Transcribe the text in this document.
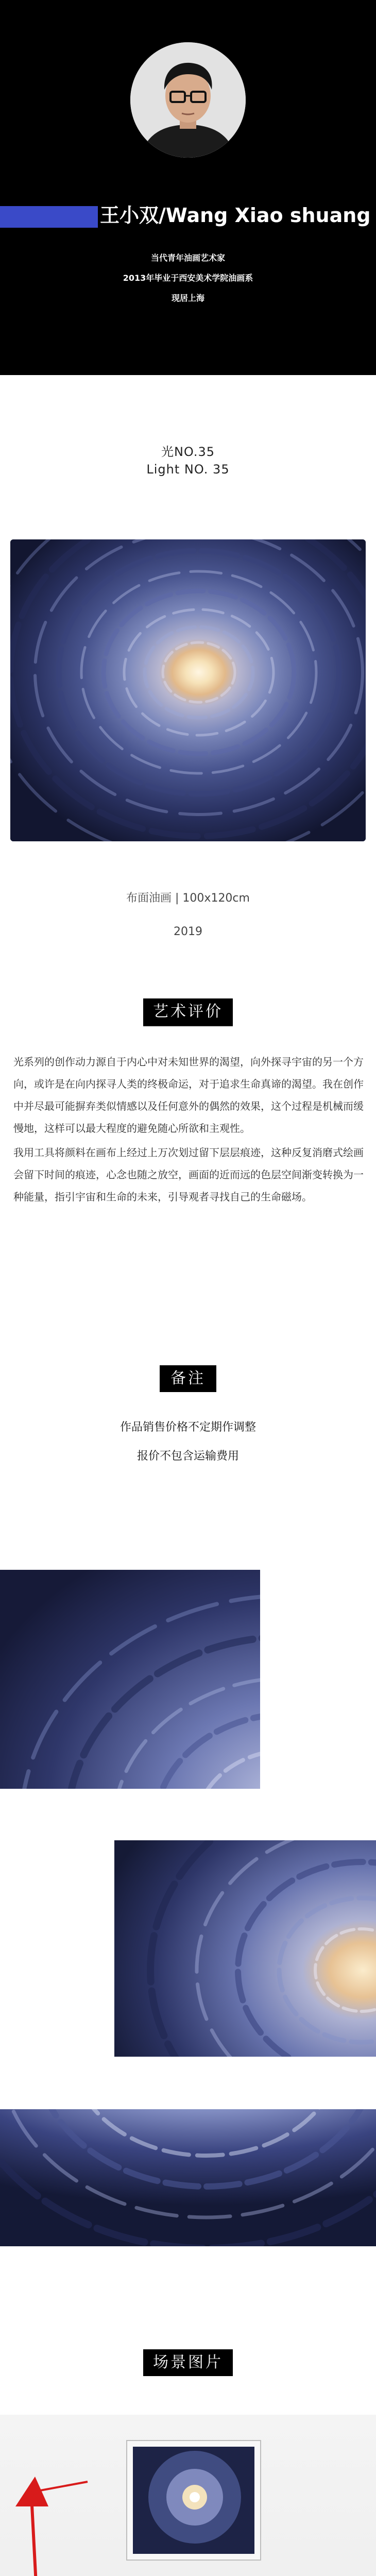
王小双/Wang Xiao shuang
当代青年油画艺术家
2013年毕业于西安美术学院油画系
现居上海
光NO.35
Light NO. 35
布面油画 | 100x120cm
2019
艺术评价
光系列的创作动力源自于内心中对未知世界的渴望，向外探寻宇宙的另一个方向，或许是在向内探寻人类的终极命运，对于追求生命真谛的渴望。我在创作中并尽最可能摒弃类似情感以及任何意外的偶然的效果，这个过程是机械而缓慢地，这样可以最大程度的避免随心所欲和主观性。
我用工具将颜料在画布上经过上万次划过留下层层痕迹，这种反复消磨式绘画会留下时间的痕迹，心念也随之放空，画面的近而远的色层空间渐变转换为一种能量，指引宇宙和生命的未来，引导观者寻找自己的生命磁场。
备注
作品销售价格不定期作调整
报价不包含运输费用
场景图片
